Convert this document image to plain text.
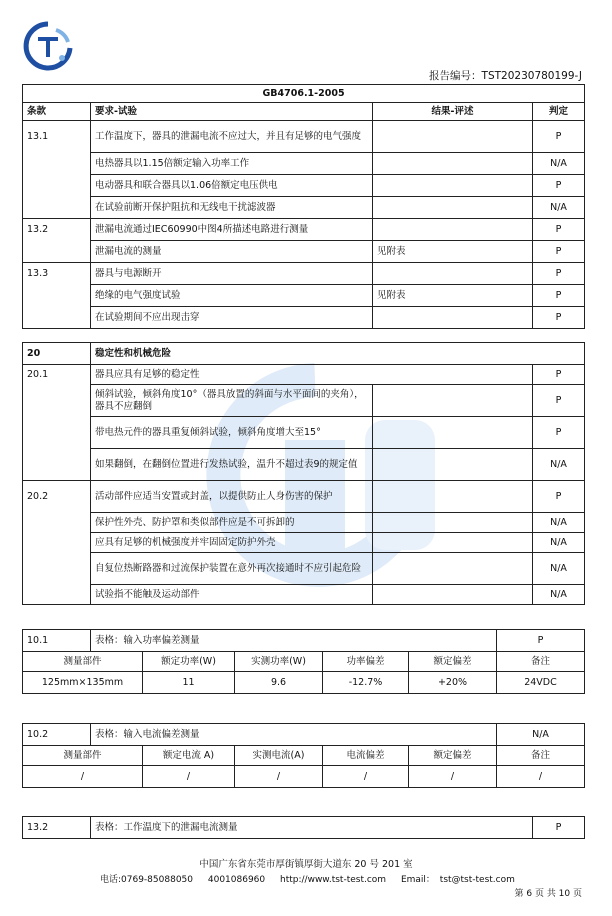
报告编号：TST20230780199-J
GB4706.1-2005			
条款	要求-试验	结果-评述	判定
13.1	工作温度下，器具的泄漏电流不应过大，并且有足够的电气强度		P
	电热器具以1.15倍额定输入功率工作		N/A
	电动器具和联合器具以1.06倍额定电压供电		P
	在试验前断开保护阻抗和无线电干扰滤波器		N/A
13.2	泄漏电流通过IEC60990中图4所描述电路进行测量		P
	泄漏电流的测量	见附表	P
13.3	器具与电源断开		P
	绝缘的电气强度试验	见附表	P
	在试验期间不应出现击穿		P
20	稳定性和机械危险		
20.1	器具应具有足够的稳定性		P
	倾斜试验，倾斜角度10°（器具放置的斜面与水平面间的夹角），器具不应翻倒		P
	带电热元件的器具重复倾斜试验，倾斜角度增大至15°		P
	如果翻倒，在翻倒位置进行发热试验，温升不超过表9的规定值		N/A
20.2	活动部件应适当安置或封盖，以提供防止人身伤害的保护		P
	保护性外壳、防护罩和类似部件应是不可拆卸的		N/A
	应具有足够的机械强度并牢固固定防护外壳		N/A
	自复位热断路器和过流保护装置在意外再次接通时不应引起危险		N/A
	试验指不能触及运动部件		N/A
10.1	表格：输入功率偏差测量					P
测量部件		额定功率(W)	实测功率(W)	功率偏差	额定偏差	备注
125mm×135mm		11	9.6	-12.7%	+20%	24VDC
10.2	表格：输入电流偏差测量					N/A
测量部件		额定电流 A)	实测电流(A)	电流偏差	额定偏差	备注
/		/	/	/	/	/
13.2	表格：工作温度下的泄漏电流测量	P
中国广东省东莞市厚街镇厚街大道东 20 号 201 室
电话:0769-85088050 4001086960 http://www.tst-test.com Email： tst@tst-test.com
第 6 页 共 10 页
